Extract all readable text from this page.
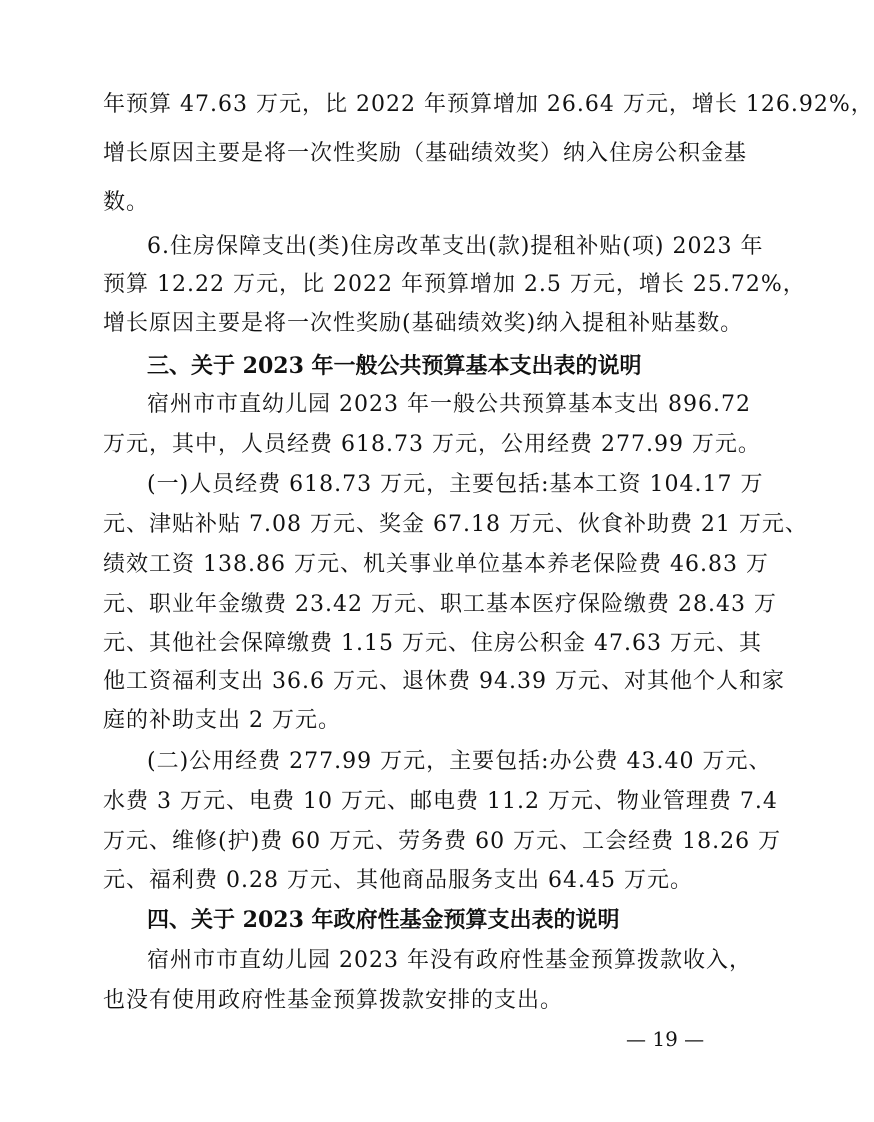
年预算 47.63 万元，比 2022 年预算增加 26.64 万元，增长 126.92%，
增长原因主要是将一次性奖励（基础绩效奖）纳入住房公积金基
数。
6.住房保障支出(类)住房改革支出(款)提租补贴(项) 2023 年
预算 12.22 万元，比 2022 年预算增加 2.5 万元，增长 25.72%，
增长原因主要是将一次性奖励(基础绩效奖)纳入提租补贴基数。
三、关于 2023 年一般公共预算基本支出表的说明
宿州市市直幼儿园 2023 年一般公共预算基本支出 896.72
万元，其中，人员经费 618.73 万元，公用经费 277.99 万元。
(一)人员经费 618.73 万元，主要包括:基本工资 104.17 万
元、津贴补贴 7.08 万元、奖金 67.18 万元、伙食补助费 21 万元、
绩效工资 138.86 万元、机关事业单位基本养老保险费 46.83 万
元、职业年金缴费 23.42 万元、职工基本医疗保险缴费 28.43 万
元、其他社会保障缴费 1.15 万元、住房公积金 47.63 万元、其
他工资福利支出 36.6 万元、退休费 94.39 万元、对其他个人和家
庭的补助支出 2 万元。
(二)公用经费 277.99 万元，主要包括:办公费 43.40 万元、
水费 3 万元、电费 10 万元、邮电费 11.2 万元、物业管理费 7.4
万元、维修(护)费 60 万元、劳务费 60 万元、工会经费 18.26 万
元、福利费 0.28 万元、其他商品服务支出 64.45 万元。
四、关于 2023 年政府性基金预算支出表的说明
宿州市市直幼儿园 2023 年没有政府性基金预算拨款收入，
也没有使用政府性基金预算拨款安排的支出。
— 19 —
